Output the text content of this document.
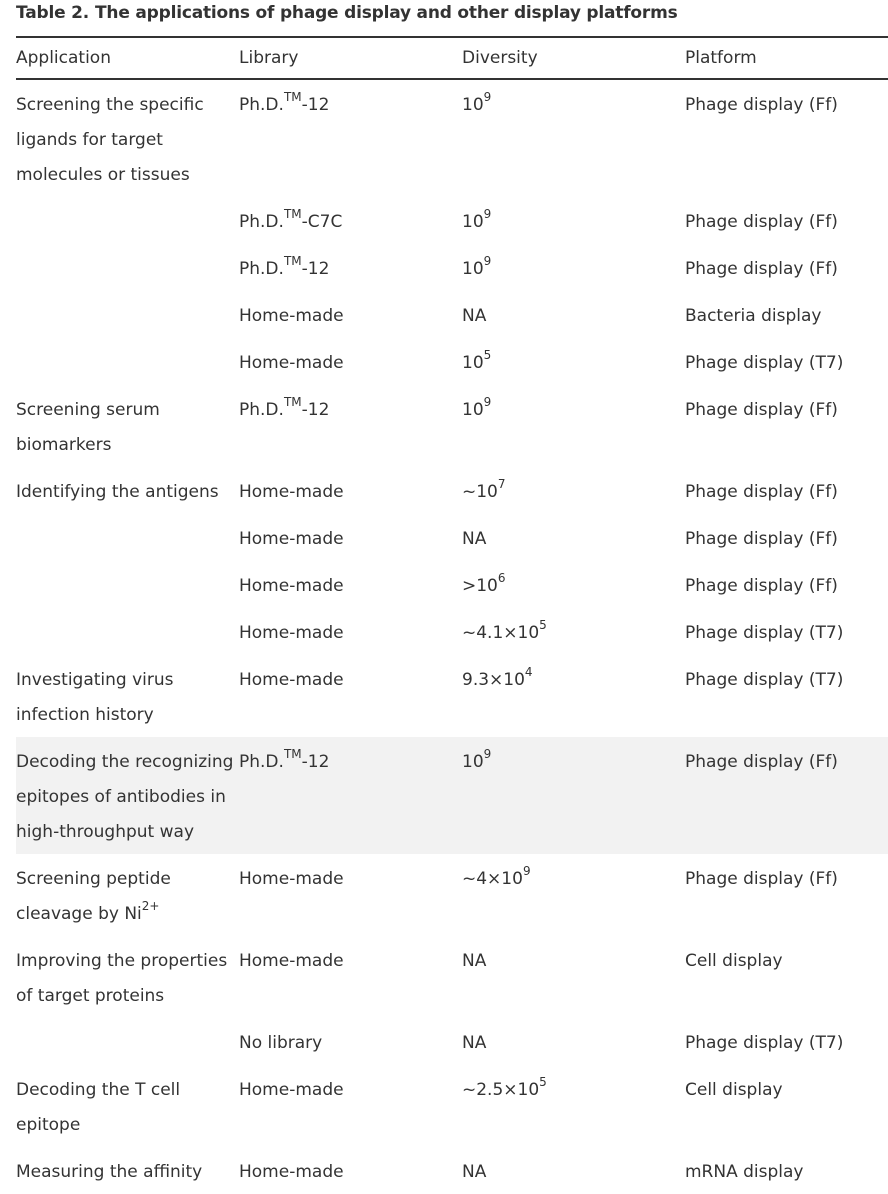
Table 2. The applications of phage display and other display platforms
Application	Library	Diversity	Platform
Screening the specific ligands for target molecules or tissues	Ph.D.™-12	$10^9$	Phage display (Ff)
	Ph.D.™-C7C	$10^9$	Phage display (Ff)
	Ph.D.™-12	$10^9$	Phage display (Ff)
	Home-made	NA	Bacteria display
	Home-made	$10^5$	Phage display (T7)
Screening serum biomarkers	Ph.D.™-12	$10^9$	Phage display (Ff)
Identifying the antigens	Home-made	$\sim 10^7$	Phage display (Ff)
	Home-made	NA	Phage display (Ff)
	Home-made	$>10^6$	Phage display (Ff)
	Home-made	$\sim 4.1\times 10^5$	Phage display (T7)
Investigating virus infection history	Home-made	$9.3\times 10^4$	Phage display (T7)
Decoding the recognizing epitopes of antibodies in high-throughput way	Ph.D.™-12	$10^9$	Phage display (Ff)
Screening peptide cleavage by $Ni^{2+}$	Home-made	$\sim 4\times 10^9$	Phage display (Ff)
Improving the properties of target proteins	Home-made	NA	Cell display
	No library	NA	Phage display (T7)
Decoding the T cell epitope	Home-made	$\sim 2.5\times 10^5$	Cell display
Measuring the affinity	Home-made	NA	mRNA display
